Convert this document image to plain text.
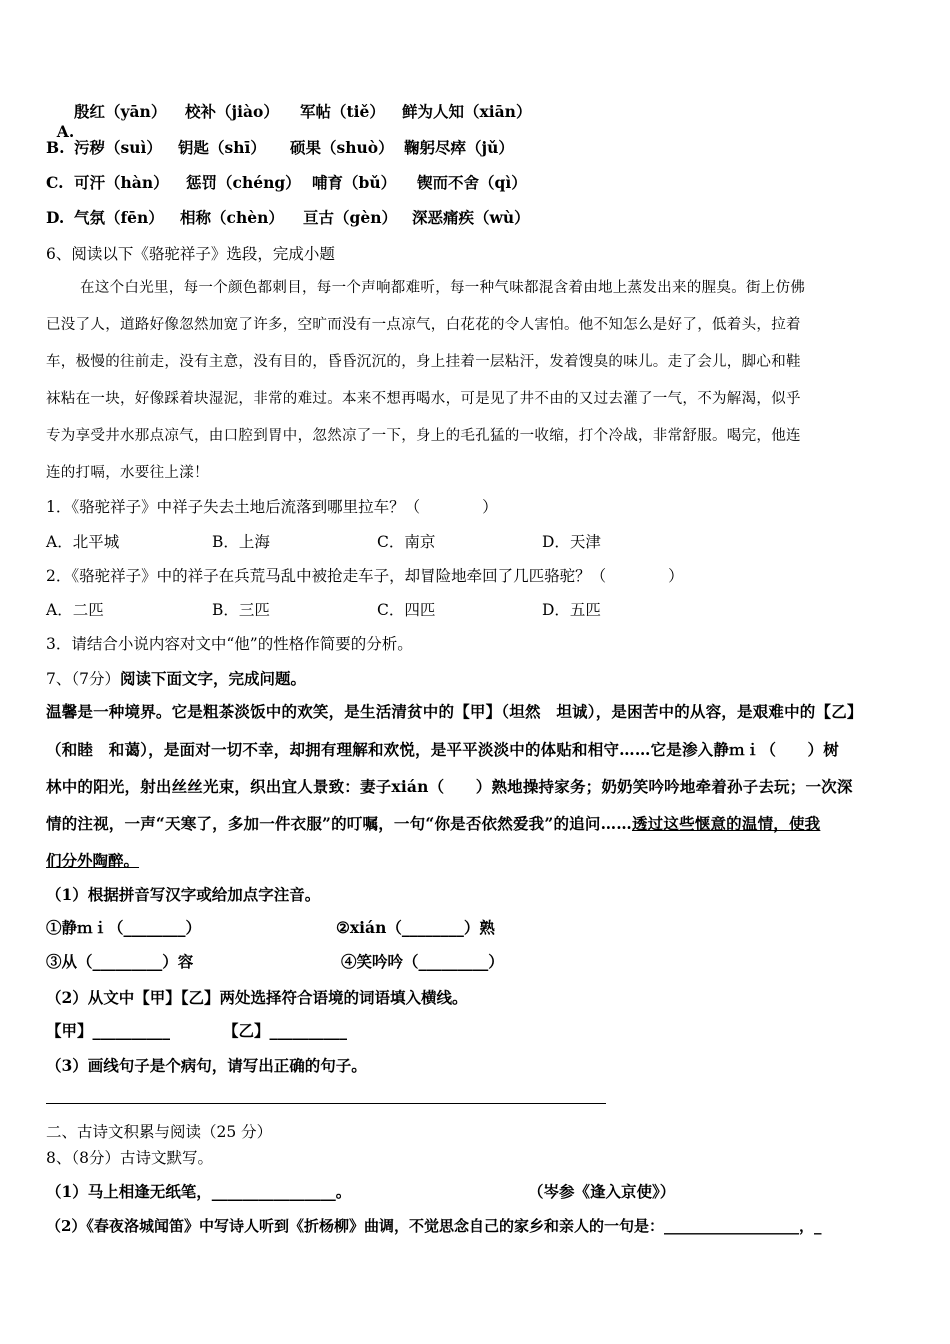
A.

殷红（yān） 校补（jiào） 军帖（tiě） 鲜为人知（xiān）
B. 污秽（suì） 钥匙（shī） 硕果（shuò） 鞠躬尽瘁（jǔ）
C. 可汗（hàn） 惩罚（chéng） 哺育（bǔ） 锲而不舍（qì）
D. 气氛（fēn） 相称（chèn） 亘古（gèn） 深恶痛疾（wù）
6、阅读以下《骆驼祥子》选段，完成小题
在这个白光里，每一个颜色都刺目，每一个声响都难听，每一种气味都混含着由地上蒸发出来的腥臭。街上仿佛
已没了人，道路好像忽然加宽了许多，空旷而没有一点凉气，白花花的令人害怕。他不知怎么是好了，低着头，拉着
车，极慢的往前走，没有主意，没有目的，昏昏沉沉的，身上挂着一层粘汗，发着馊臭的味儿。走了会儿，脚心和鞋
袜粘在一块，好像踩着块湿泥，非常的难过。本来不想再喝水，可是见了井不由的又过去灌了一气，不为解渴，似乎
专为享受井水那点凉气，由口腔到胃中，忽然凉了一下，身上的毛孔猛的一收缩，打个冷战，非常舒服。喝完，他连
连的打嗝，水要往上漾！
1．《骆驼祥子》中祥子失去土地后流落到哪里拉车？（　　　　）
A．北平城	B．上海	C．南京	D．天津
2．《骆驼祥子》中的祥子在兵荒马乱中被抢走车子，却冒险地牵回了几匹骆驼？（　　　　）
A．二匹	B．三匹	C．四匹	D．五匹
3．请结合小说内容对文中“他”的性格作简要的分析。
7、（7分）阅读下面文字，完成问题。
温馨是一种境界。它是粗茶淡饭中的欢笑，是生活清贫中的【甲】（坦然　坦诚），是困苦中的从容，是艰难中的【乙】
（和睦　和蔼），是面对一切不幸，却拥有理解和欢悦，是平平淡淡中的体贴和相守……它是渗入静ｍｉ（　　）树
林中的阳光，射出丝丝光束，织出宜人景致：妻子xián（　　）熟地操持家务；奶奶笑吟吟地牵着孙子去玩；一次深
情的注视，一声“天寒了，多加一件衣服”的叮嘱，一句“你是否依然爱我”的追问……透过这些惬意的温情，使我
们分外陶醉。
（1）根据拼音写汉字或给加点字注音。
①静ｍｉ（________）	②xián（________）熟
③从（_________）容	④笑吟吟（_________）
（2）从文中【甲】【乙】两处选择符合语境的词语填入横线。
【甲】__________	【乙】__________
（3）画线句子是个病句，请写出正确的句子。
二、古诗文积累与阅读（25 分）
8、（8分）古诗文默写。
（1）马上相逢无纸笔，________________。	（岑参《逢入京使》）
（2）《春夜洛城闻笛》中写诗人听到《折杨柳》曲调，不觉思念自己的家乡和亲人的一句是：__________________，_
